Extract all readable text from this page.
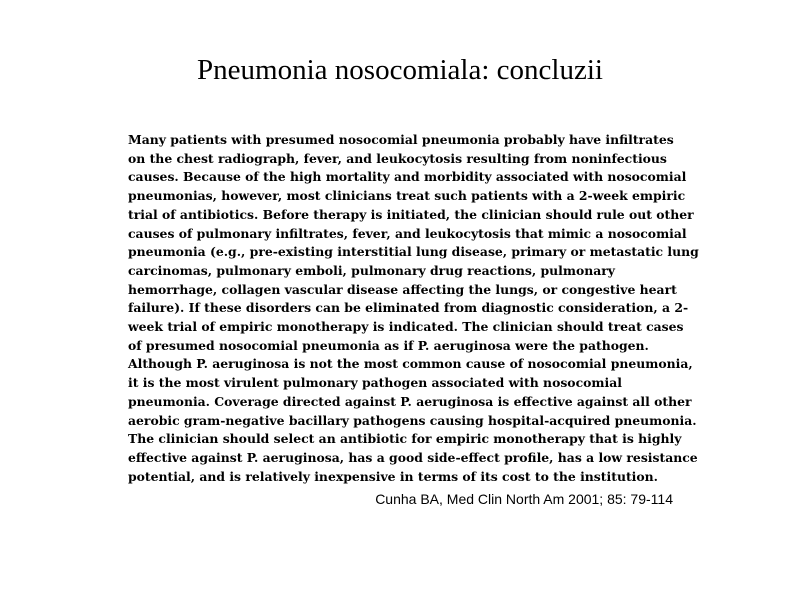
Pneumonia nosocomiala: concluzii
Many patients with presumed nosocomial pneumonia probably have infiltrates
on the chest radiograph, fever, and leukocytosis resulting from noninfectious
causes. Because of the high mortality and morbidity associated with nosocomial
pneumonias, however, most clinicians treat such patients with a 2-week empiric
trial of antibiotics. Before therapy is initiated, the clinician should rule out other
causes of pulmonary infiltrates, fever, and leukocytosis that mimic a nosocomial
pneumonia (e.g., pre-existing interstitial lung disease, primary or metastatic lung
carcinomas, pulmonary emboli, pulmonary drug reactions, pulmonary
hemorrhage, collagen vascular disease affecting the lungs, or congestive heart
failure). If these disorders can be eliminated from diagnostic consideration, a 2-
week trial of empiric monotherapy is indicated. The clinician should treat cases
of presumed nosocomial pneumonia as if P. aeruginosa were the pathogen.
Although P. aeruginosa is not the most common cause of nosocomial pneumonia,
it is the most virulent pulmonary pathogen associated with nosocomial
pneumonia. Coverage directed against P. aeruginosa is effective against all other
aerobic gram-negative bacillary pathogens causing hospital-acquired pneumonia.
The clinician should select an antibiotic for empiric monotherapy that is highly
effective against P. aeruginosa, has a good side-effect profile, has a low resistance
potential, and is relatively inexpensive in terms of its cost to the institution.
Cunha BA, Med Clin North Am 2001; 85: 79-114
